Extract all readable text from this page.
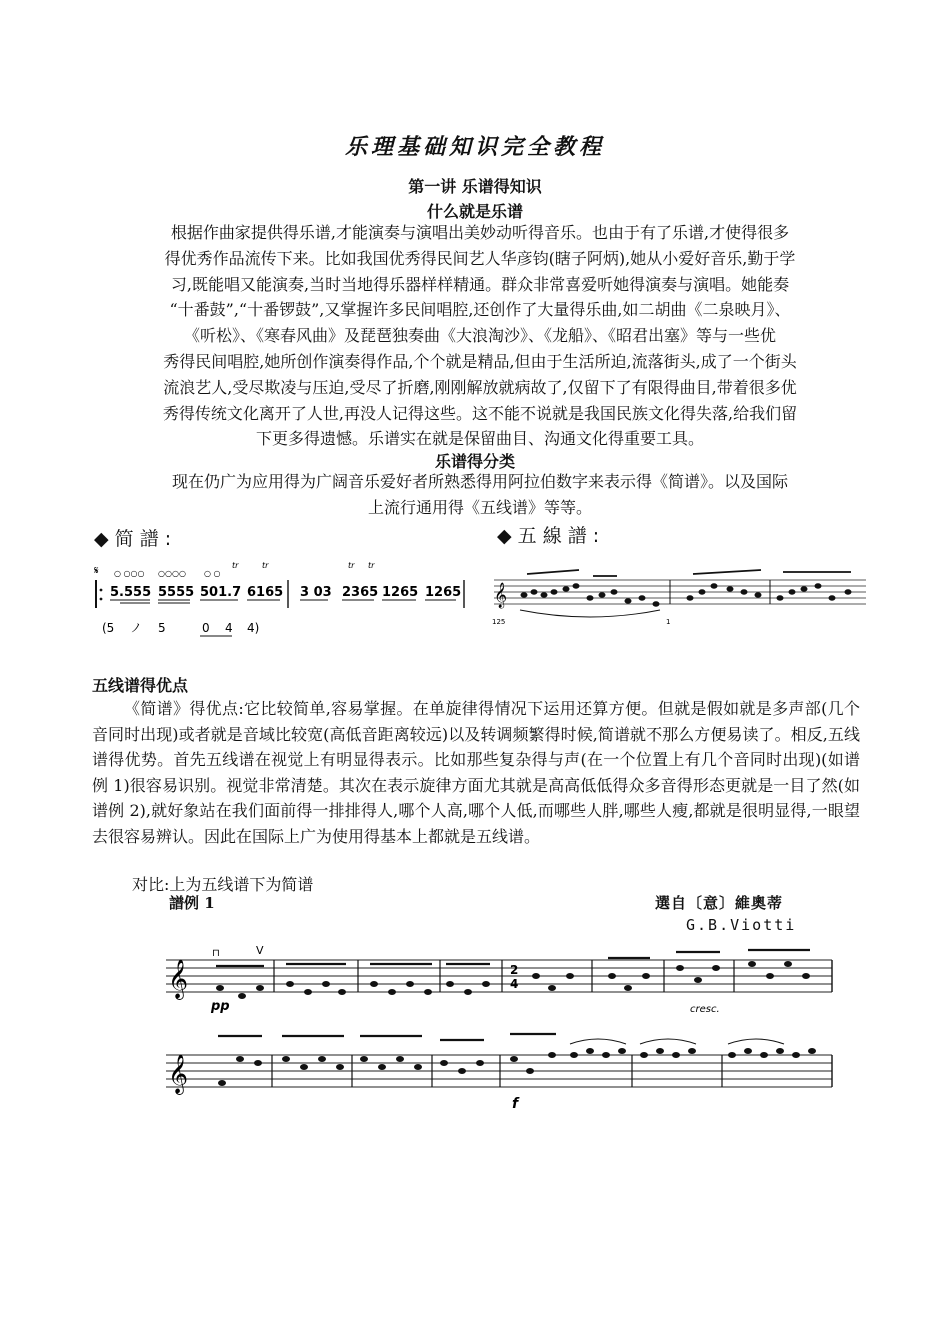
乐理基础知识完全教程
第一讲 乐谱得知识
什么就是乐谱

根据作曲家提供得乐谱,才能演奏与演唱出美妙动听得音乐。也由于有了乐谱,才使得很多

得优秀作品流传下来。比如我国优秀得民间艺人华彦钧(瞎子阿炳),她从小爱好音乐,勤于学

习,既能唱又能演奏,当时当地得乐器样样精通。群众非常喜爱听她得演奏与演唱。她能奏

“十番鼓”,“十番锣鼓”,又掌握许多民间唱腔,还创作了大量得乐曲,如二胡曲《二泉映月》、

《听松》、《寒春风曲》及琵琶独奏曲《大浪淘沙》、《龙船》、《昭君出塞》等与一些优

秀得民间唱腔,她所创作演奏得作品,个个就是精品,但由于生活所迫,流落街头,成了一个街头

流浪艺人,受尽欺凌与压迫,受尽了折磨,刚刚解放就病故了,仅留下了有限得曲目,带着很多优

秀得传统文化离开了人世,再没人记得这些。这不能不说就是我国民族文化得失落,给我们留

下更多得遗憾。乐谱实在就是保留曲目、沟通文化得重要工具。

乐谱得分类

现在仍广为应用得为广阔音乐爱好者所熟悉得用阿拉伯数字来表示得《简谱》。以及国际

上流行通用得《五线谱》等等。

◆ 简 譜 :	◆ 五 線 譜 :
𝄋 ○ ○○○ ○○○○ ○ ○
tr	tr	tr tr
5.555 5555 501.7 6165 3 03 2365 1265 1265
(5 ノ 5	0 4 4)
𝄞
125	1
五线谱得优点

《简谱》得优点:它比较简单,容易掌握。在单旋律得情况下运用还算方便。但就是假如就是多声部(几个音同时出现)或者就是音域比较宽(高低音距离较远)以及转调频繁得时候,简谱就不那么方便易读了。相反,五线谱得优势。首先五线谱在视觉上有明显得表示。比如那些复杂得与声(在一个位置上有几个音同时出现)(如谱例 1)很容易识别。视觉非常清楚。其次在表示旋律方面尤其就是高高低低得众多音得形态更就是一目了然(如谱例 2),就好象站在我们面前得一排排得人,哪个人高,哪个人低,而哪些人胖,哪些人瘦,都就是很明显得,一眼望去很容易辨认。因此在国际上广为使用得基本上都就是五线谱。

对比:上为五线谱下为简谱
譜例 1	選自〔意〕維奧蒂
G.B.Viotti
𝄞
pp
⊓	V
2
4
cresc.
𝄞
f
